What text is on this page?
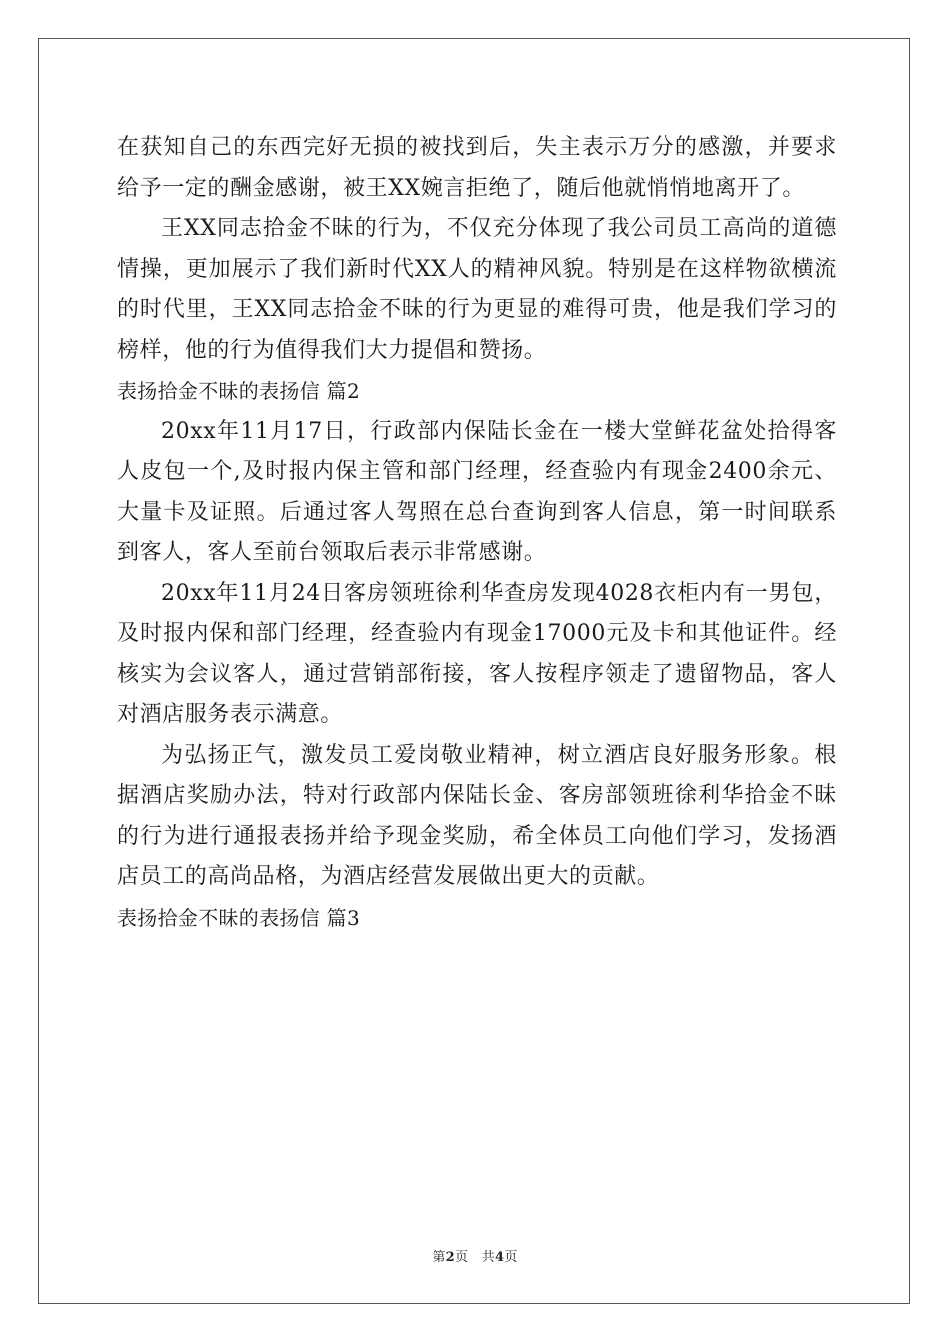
在获知自己的东西完好无损的被找到后，失主表示万分的感激，并要求给予一定的酬金感谢，被王XX婉言拒绝了，随后他就悄悄地离开了。

王XX同志拾金不昧的行为，不仅充分体现了我公司员工高尚的道德情操，更加展示了我们新时代XX人的精神风貌。特别是在这样物欲横流的时代里，王XX同志拾金不昧的行为更显的难得可贵，他是我们学习的榜样，他的行为值得我们大力提倡和赞扬。

表扬拾金不昧的表扬信 篇2

20xx年11月17日，行政部内保陆长金在一楼大堂鲜花盆处拾得客人皮包一个,及时报内保主管和部门经理，经查验内有现金2400余元、大量卡及证照。后通过客人驾照在总台查询到客人信息，第一时间联系到客人，客人至前台领取后表示非常感谢。

20xx年11月24日客房领班徐利华查房发现4028衣柜内有一男包，及时报内保和部门经理，经查验内有现金17000元及卡和其他证件。经核实为会议客人，通过营销部衔接，客人按程序领走了遗留物品，客人对酒店服务表示满意。

为弘扬正气，激发员工爱岗敬业精神，树立酒店良好服务形象。根据酒店奖励办法，特对行政部内保陆长金、客房部领班徐利华拾金不昧的行为进行通报表扬并给予现金奖励，希全体员工向他们学习，发扬酒店员工的高尚品格，为酒店经营发展做出更大的贡献。

表扬拾金不昧的表扬信 篇3

第2页 共4页
